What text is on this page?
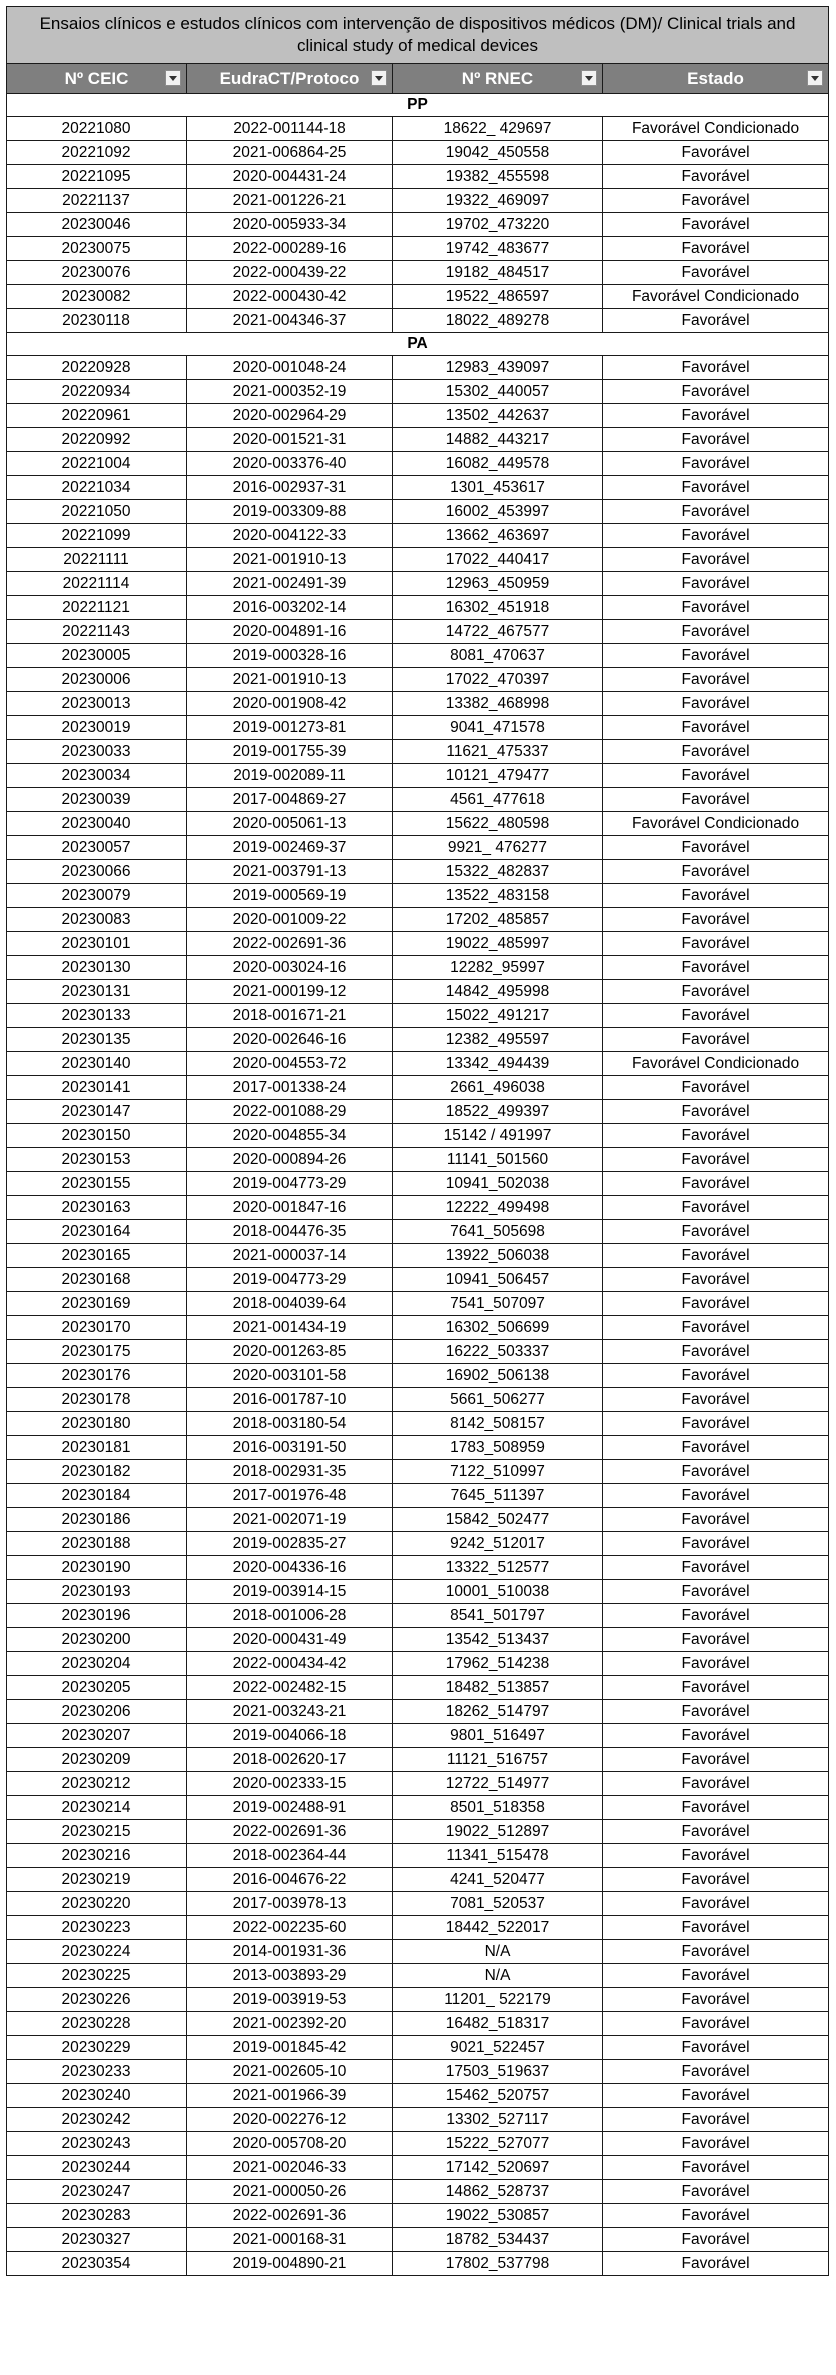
Ensaios clínicos e estudos clínicos com intervenção de dispositivos médicos (DM)/ Clinical trials and clinical study of medical devices			
Nº CEIC	EudraCT/Protoco	Nº RNEC	Estado

PP			
20221080	2022-001144-18	18622_ 429697	Favorável Condicionado
20221092	2021-006864-25	19042_450558	Favorável
20221095	2020-004431-24	19382_455598	Favorável
20221137	2021-001226-21	19322_469097	Favorável
20230046	2020-005933-34	19702_473220	Favorável
20230075	2022-000289-16	19742_483677	Favorável
20230076	2022-000439-22	19182_484517	Favorável
20230082	2022-000430-42	19522_486597	Favorável Condicionado
20230118	2021-004346-37	18022_489278	Favorável
PA			
20220928	2020-001048-24	12983_439097	Favorável
20220934	2021-000352-19	15302_440057	Favorável
20220961	2020-002964-29	13502_442637	Favorável
20220992	2020-001521-31	14882_443217	Favorável
20221004	2020-003376-40	16082_449578	Favorável
20221034	2016-002937-31	1301_453617	Favorável
20221050	2019-003309-88	16002_453997	Favorável
20221099	2020-004122-33	13662_463697	Favorável
20221111	2021-001910-13	17022_440417	Favorável
20221114	2021-002491-39	12963_450959	Favorável
20221121	2016-003202-14	16302_451918	Favorável
20221143	2020-004891-16	14722_467577	Favorável
20230005	2019-000328-16	8081_470637	Favorável
20230006	2021-001910-13	17022_470397	Favorável
20230013	2020-001908-42	13382_468998	Favorável
20230019	2019-001273-81	9041_471578	Favorável
20230033	2019-001755-39	11621_475337	Favorável
20230034	2019-002089-11	10121_479477	Favorável
20230039	2017-004869-27	4561_477618	Favorável
20230040	2020-005061-13	15622_480598	Favorável Condicionado
20230057	2019-002469-37	9921_ 476277	Favorável
20230066	2021-003791-13	15322_482837	Favorável
20230079	2019-000569-19	13522_483158	Favorável
20230083	2020-001009-22	17202_485857	Favorável
20230101	2022-002691-36	19022_485997	Favorável
20230130	2020-003024-16	12282_95997	Favorável
20230131	2021-000199-12	14842_495998	Favorável
20230133	2018-001671-21	15022_491217	Favorável
20230135	2020-002646-16	12382_495597	Favorável
20230140	2020-004553-72	13342_494439	Favorável Condicionado
20230141	2017-001338-24	2661_496038	Favorável
20230147	2022-001088-29	18522_499397	Favorável
20230150	2020-004855-34	15142 / 491997	Favorável
20230153	2020-000894-26	11141_501560	Favorável
20230155	2019-004773-29	10941_502038	Favorável
20230163	2020-001847-16	12222_499498	Favorável
20230164	2018-004476-35	7641_505698	Favorável
20230165	2021-000037-14	13922_506038	Favorável
20230168	2019-004773-29	10941_506457	Favorável
20230169	2018-004039-64	7541_507097	Favorável
20230170	2021-001434-19	16302_506699	Favorável
20230175	2020-001263-85	16222_503337	Favorável
20230176	2020-003101-58	16902_506138	Favorável
20230178	2016-001787-10	5661_506277	Favorável
20230180	2018-003180-54	8142_508157	Favorável
20230181	2016-003191-50	1783_508959	Favorável
20230182	2018-002931-35	7122_510997	Favorável
20230184	2017-001976-48	7645_511397	Favorável
20230186	2021-002071-19	15842_502477	Favorável
20230188	2019-002835-27	9242_512017	Favorável
20230190	2020-004336-16	13322_512577	Favorável
20230193	2019-003914-15	10001_510038	Favorável
20230196	2018-001006-28	8541_501797	Favorável
20230200	2020-000431-49	13542_513437	Favorável
20230204	2022-000434-42	17962_514238	Favorável
20230205	2022-002482-15	18482_513857	Favorável
20230206	2021-003243-21	18262_514797	Favorável
20230207	2019-004066-18	9801_516497	Favorável
20230209	2018-002620-17	11121_516757	Favorável
20230212	2020-002333-15	12722_514977	Favorável
20230214	2019-002488-91	8501_518358	Favorável
20230215	2022-002691-36	19022_512897	Favorável
20230216	2018-002364-44	11341_515478	Favorável
20230219	2016-004676-22	4241_520477	Favorável
20230220	2017-003978-13	7081_520537	Favorável
20230223	2022-002235-60	18442_522017	Favorável
20230224	2014-001931-36	N/A	Favorável
20230225	2013-003893-29	N/A	Favorável
20230226	2019-003919-53	11201_ 522179	Favorável
20230228	2021-002392-20	16482_518317	Favorável
20230229	2019-001845-42	9021_522457	Favorável
20230233	2021-002605-10	17503_519637	Favorável
20230240	2021-001966-39	15462_520757	Favorável
20230242	2020-002276-12	13302_527117	Favorável
20230243	2020-005708-20	15222_527077	Favorável
20230244	2021-002046-33	17142_520697	Favorável
20230247	2021-000050-26	14862_528737	Favorável
20230283	2022-002691-36	19022_530857	Favorável
20230327	2021-000168-31	18782_534437	Favorável
20230354	2019-004890-21	17802_537798	Favorável
